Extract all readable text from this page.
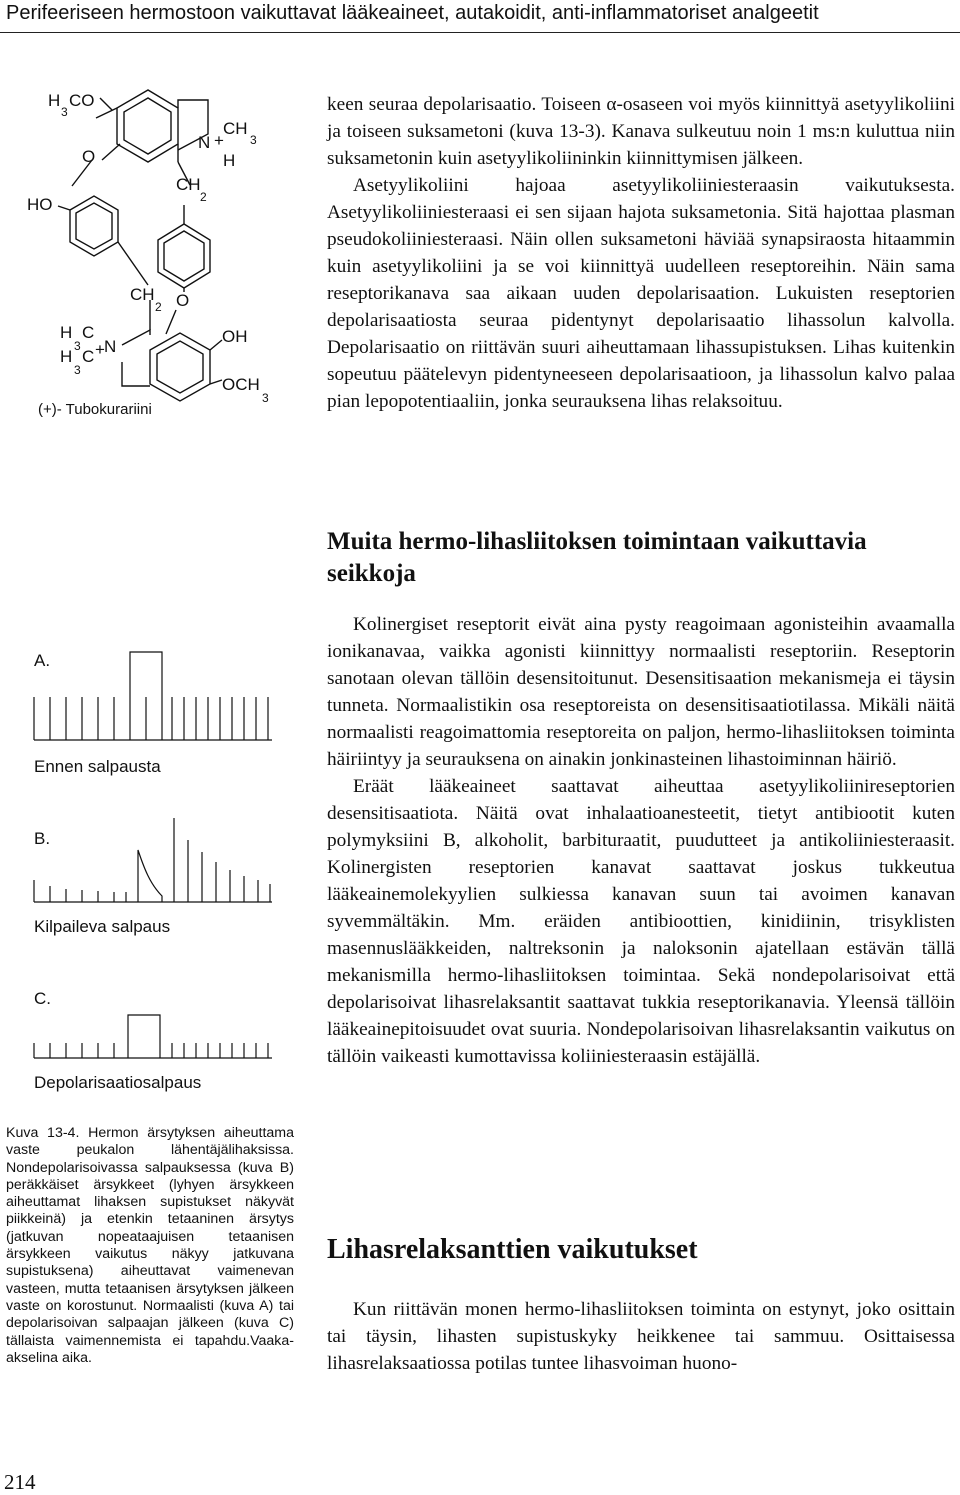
Perifeeriseen hermostoon vaikuttavat lääkeaineet, autakoidit, anti-inflammatoriset analgeetit
H
3
CO
O
HO
N +
CH
3
H
CH
2
CH
2 O
H
3
C
H
3
C
N
+
OH
OCH
3
(+)- Tubokurariini
A.
Ennen salpausta
B.
Kilpaileva salpaus
C.
Depolarisaatiosalpaus

keen seuraa depolarisaatio. Toiseen α-osaseen voi myös kiinnittyä asetyylikoliini ja toiseen suksametoni (kuva 13-3). Kanava sulkeutuu noin 1 ms:n kuluttua niin suksametonin kuin asetyylikoliininkin kiinnittymisen jälkeen.

Asetyylikoliini hajoaa asetyylikoliiniesteraasin vaikutuksesta. Asetyylikoliiniesteraasi ei sen sijaan hajota suksametonia. Sitä hajottaa plasman pseudokoliiniesteraasi. Näin ollen suksametoni häviää synapsiraosta hitaammin kuin asetyylikoliini ja se voi kiinnittyä uudelleen reseptoreihin. Näin sama reseptorikanava saa aikaan uuden depolarisaation. Lukuisten reseptorien depolarisaatiosta seuraa pidentynyt depolarisaatio lihassolun kalvolla. Depolarisaatio on riittävän suuri aiheuttamaan lihassupistuksen. Lihas kuitenkin sopeutuu päätelevyn pidentyneeseen depolarisaatioon, ja lihassolun kalvo palaa pian lepopotentiaaliin, jonka seurauksena lihas relaksoituu.

Muita hermo-lihasliitoksen toimintaan vaikuttavia seikkoja

Kolinergiset reseptorit eivät aina pysty reagoimaan agonisteihin avaamalla ionikanavaa, vaikka agonisti kiinnittyy normaalisti reseptoriin. Reseptorin sanotaan olevan tällöin desensitoitunut. Desensitisaation mekanismeja ei täysin tunneta. Normaalistikin osa reseptoreista on desensitisaatiotilassa. Mikäli näitä normaalisti reagoimattomia reseptoreita on paljon, hermo-lihasliitoksen toiminta häiriintyy ja seurauksena on ainakin jonkinasteinen lihastoiminnan häiriö.

Eräät lääkeaineet saattavat aiheuttaa asetyylikoliinireseptorien desensitisaatiota. Näitä ovat inhalaatioanesteetit, tietyt antibiootit kuten polymyksiini B, alkoholit, barbituraatit, puudutteet ja antikoliiniesteraasit. Kolinergisten reseptorien kanavat saattavat joskus tukkeutua lääkeainemolekyylien sulkiessa kanavan suun tai avoimen kanavan syvemmältäkin. Mm. eräiden antibioottien, kinidiinin, trisyklisten masennuslääkkeiden, naltreksonin ja naloksonin ajatellaan estävän tällä mekanismilla hermo-lihasliitoksen toimintaa. Sekä nondepolarisoivat että depolarisoivat lihasrelaksantit saattavat tukkia reseptorikanavia. Yleensä tällöin lääkeainepitoisuudet ovat suuria. Nondepolarisoivan lihasrelaksantin vaikutus on tällöin vaikeasti kumottavissa koliiniesteraasin estäjällä.

Lihasrelaksanttien vaikutukset

Kun riittävän monen hermo-lihasliitoksen toiminta on estynyt, joko osittain tai täysin, lihasten supistuskyky heikkenee tai sammuu. Osittaisessa lihasrelaksaatiossa potilas tuntee lihasvoiman huono-

Kuva 13-4. Hermon ärsytyksen aiheuttama vaste peukalon lähentäjälihaksissa. Nondepolarisoivassa salpauksessa (kuva B) peräkkäiset ärsykkeet (lyhyen ärsykkeen aiheuttamat lihaksen supistukset näkyvät piikkeinä) ja etenkin tetaaninen ärsytys (jatkuvan nopeataajuisen tetaanisen ärsykkeen vaikutus näkyy jatkuvana supistuksena) aiheuttavat vaimenevan vasteen, mutta tetaanisen ärsytyksen jälkeen vaste on korostunut. Normaalisti (kuva A) tai depolarisoivan salpaajan jälkeen (kuva C) tällaista vaimennemista ei tapahdu.Vaaka-akselina aika.
214
